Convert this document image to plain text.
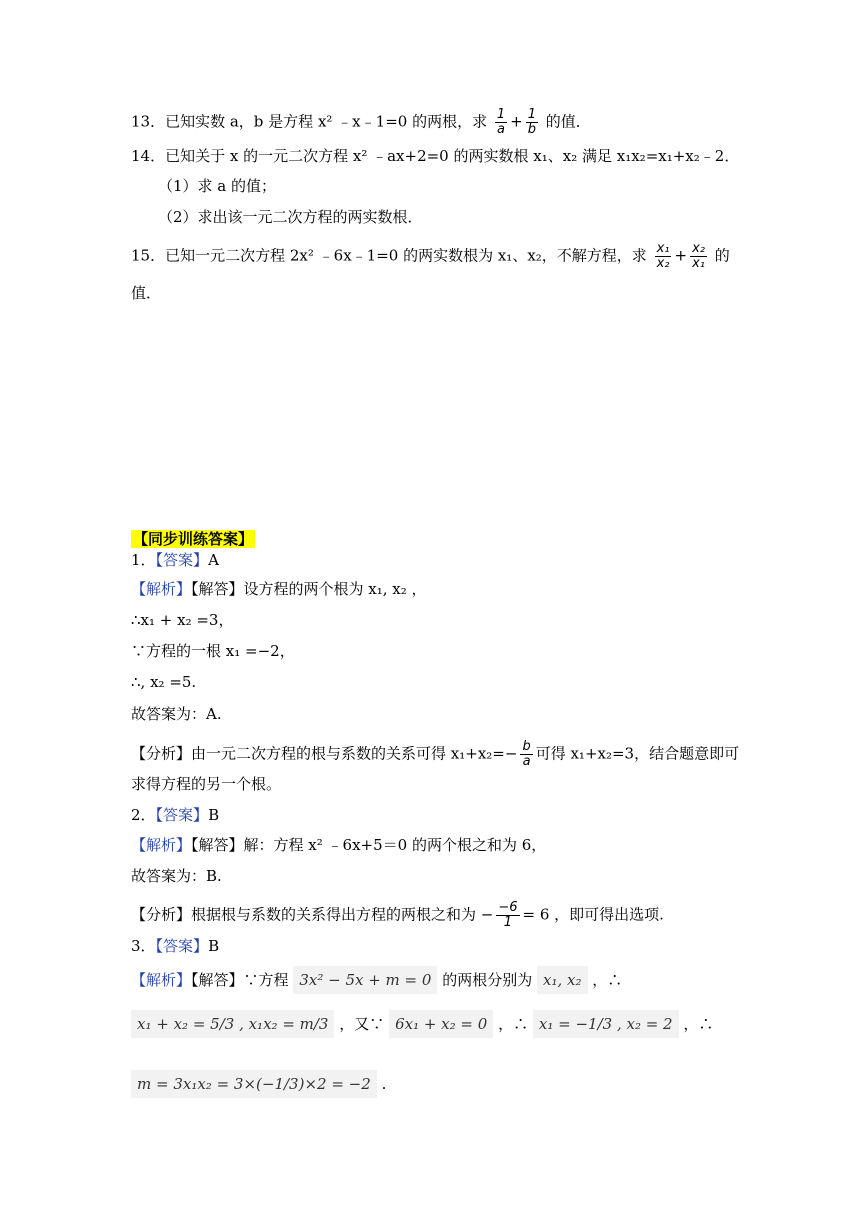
13．已知实数 a，b 是方程 x² ﹣x﹣1=0 的两根，求 $\frac{1}{a} + \frac{1}{b}$ 的值．
14．已知关于 x 的一元二次方程 x² ﹣ax+2=0 的两实数根 x₁、x₂ 满足 x₁x₂=x₁+x₂﹣2．
（1）求 a 的值；
（2）求出该一元二次方程的两实数根．
15．已知一元二次方程 2x² ﹣6x﹣1=0 的两实数根为 x₁、x₂，不解方程，求 $\frac{\text{x₁}}{\text{x₂}} + \frac{\text{x₂}}{\text{x₁}}$ 的
值．
【同步训练答案】
1．【答案】A
【解析】【解答】设方程的两个根为 x₁, x₂ ，
∴x₁ + x₂ =3，
∵方程的一根 x₁ =−2，
∴, x₂ =5.
故答案为：A.
【分析】由一元二次方程的根与系数的关系可得 $x_1+x_2=- \frac{b}{a}$ 可得 x₁+x₂=3，结合题意即可
求得方程的另一个根。
2．【答案】B
【解析】【解答】解：方程 x² ﹣6x+5＝0 的两个根之和为 6，
故答案为：B.
【分析】根据根与系数的关系得出方程的两根之和为 − $\frac{-6}{1} = 6$ ，即可得出选项.
3．【答案】B
【解析】【解答】∵方程 3x² − 5x + m = 0 的两根分别为 x₁, x₂ ，∴
x₁ + x₂ = 5/3 , x₁x₂ = m/3 ，又∵ 6x₁ + x₂ = 0 ，∴ x₁ = −1/3 , x₂ = 2 ，∴
m = 3x₁x₂ = 3×(−1/3)×2 = −2 .
